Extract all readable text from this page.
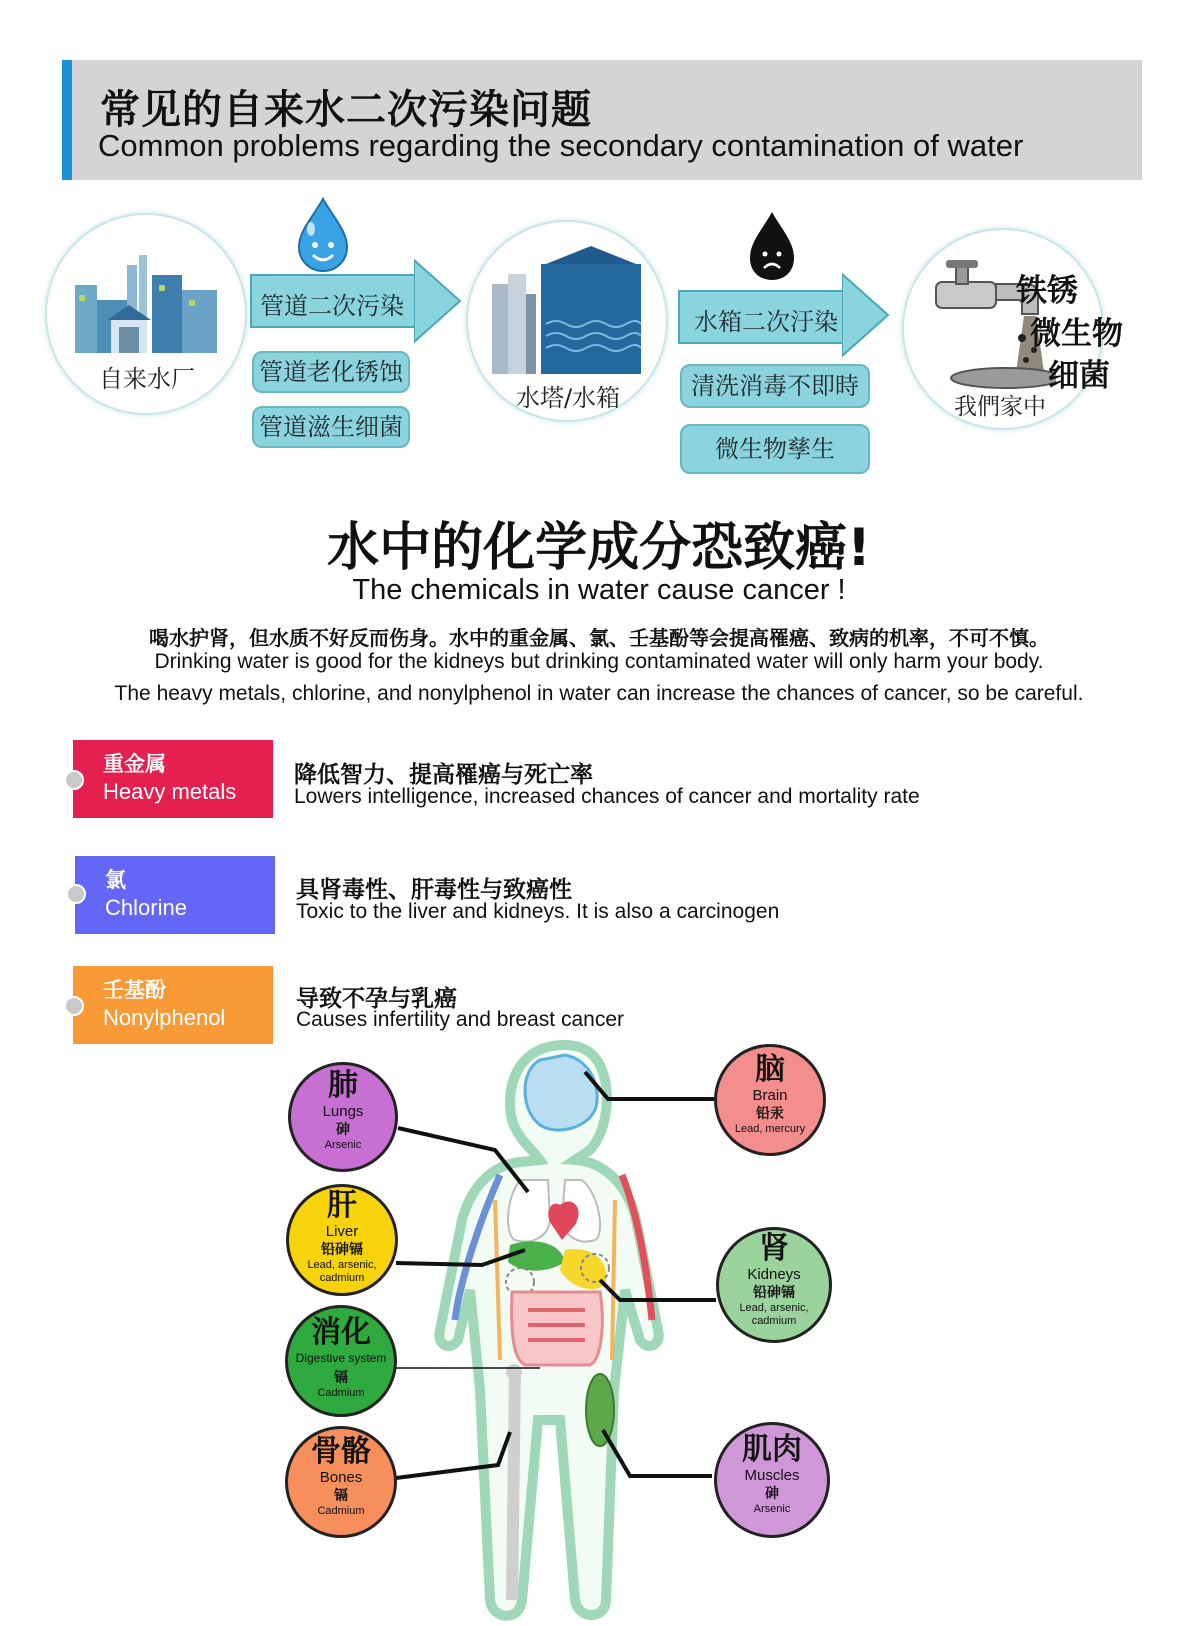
常见的自来水二次污染问题
Common problems regarding the secondary contamination of water
自来水厂
管道二次污染
管道老化锈蚀
管道滋生细菌
水塔/水箱
水箱二次汙染
清洗消毒不即時
微生物孳生
我們家中
铁锈
微生物
细菌
水中的化学成分恐致癌!
The chemicals in water cause cancer !
喝水护肾，但水质不好反而伤身。水中的重金属、氯、壬基酚等会提高罹癌、致病的机率，不可不慎。
Drinking water is good for the kidneys but drinking contaminated water will only harm your body.
The heavy metals, chlorine, and nonylphenol in water can increase the chances of cancer, so be careful.
重金属
Heavy metals
降低智力、提高罹癌与死亡率
Lowers intelligence, increased chances of cancer and mortality rate
氯
Chlorine
具肾毒性、肝毒性与致癌性
Toxic to the liver and kidneys. It is also a carcinogen
壬基酚
Nonylphenol
导致不孕与乳癌
Causes infertility and breast cancer
肺
Lungs
砷
Arsenic
肝
Liver
铅砷镉
Lead, arsenic, cadmium
消化
Digestive system
镉
Cadmium
骨骼
Bones
镉
Cadmium
脑
Brain
铅汞
Lead, mercury
肾
Kidneys
铅砷镉
Lead, arsenic, cadmium
肌肉
Muscles
砷
Arsenic
